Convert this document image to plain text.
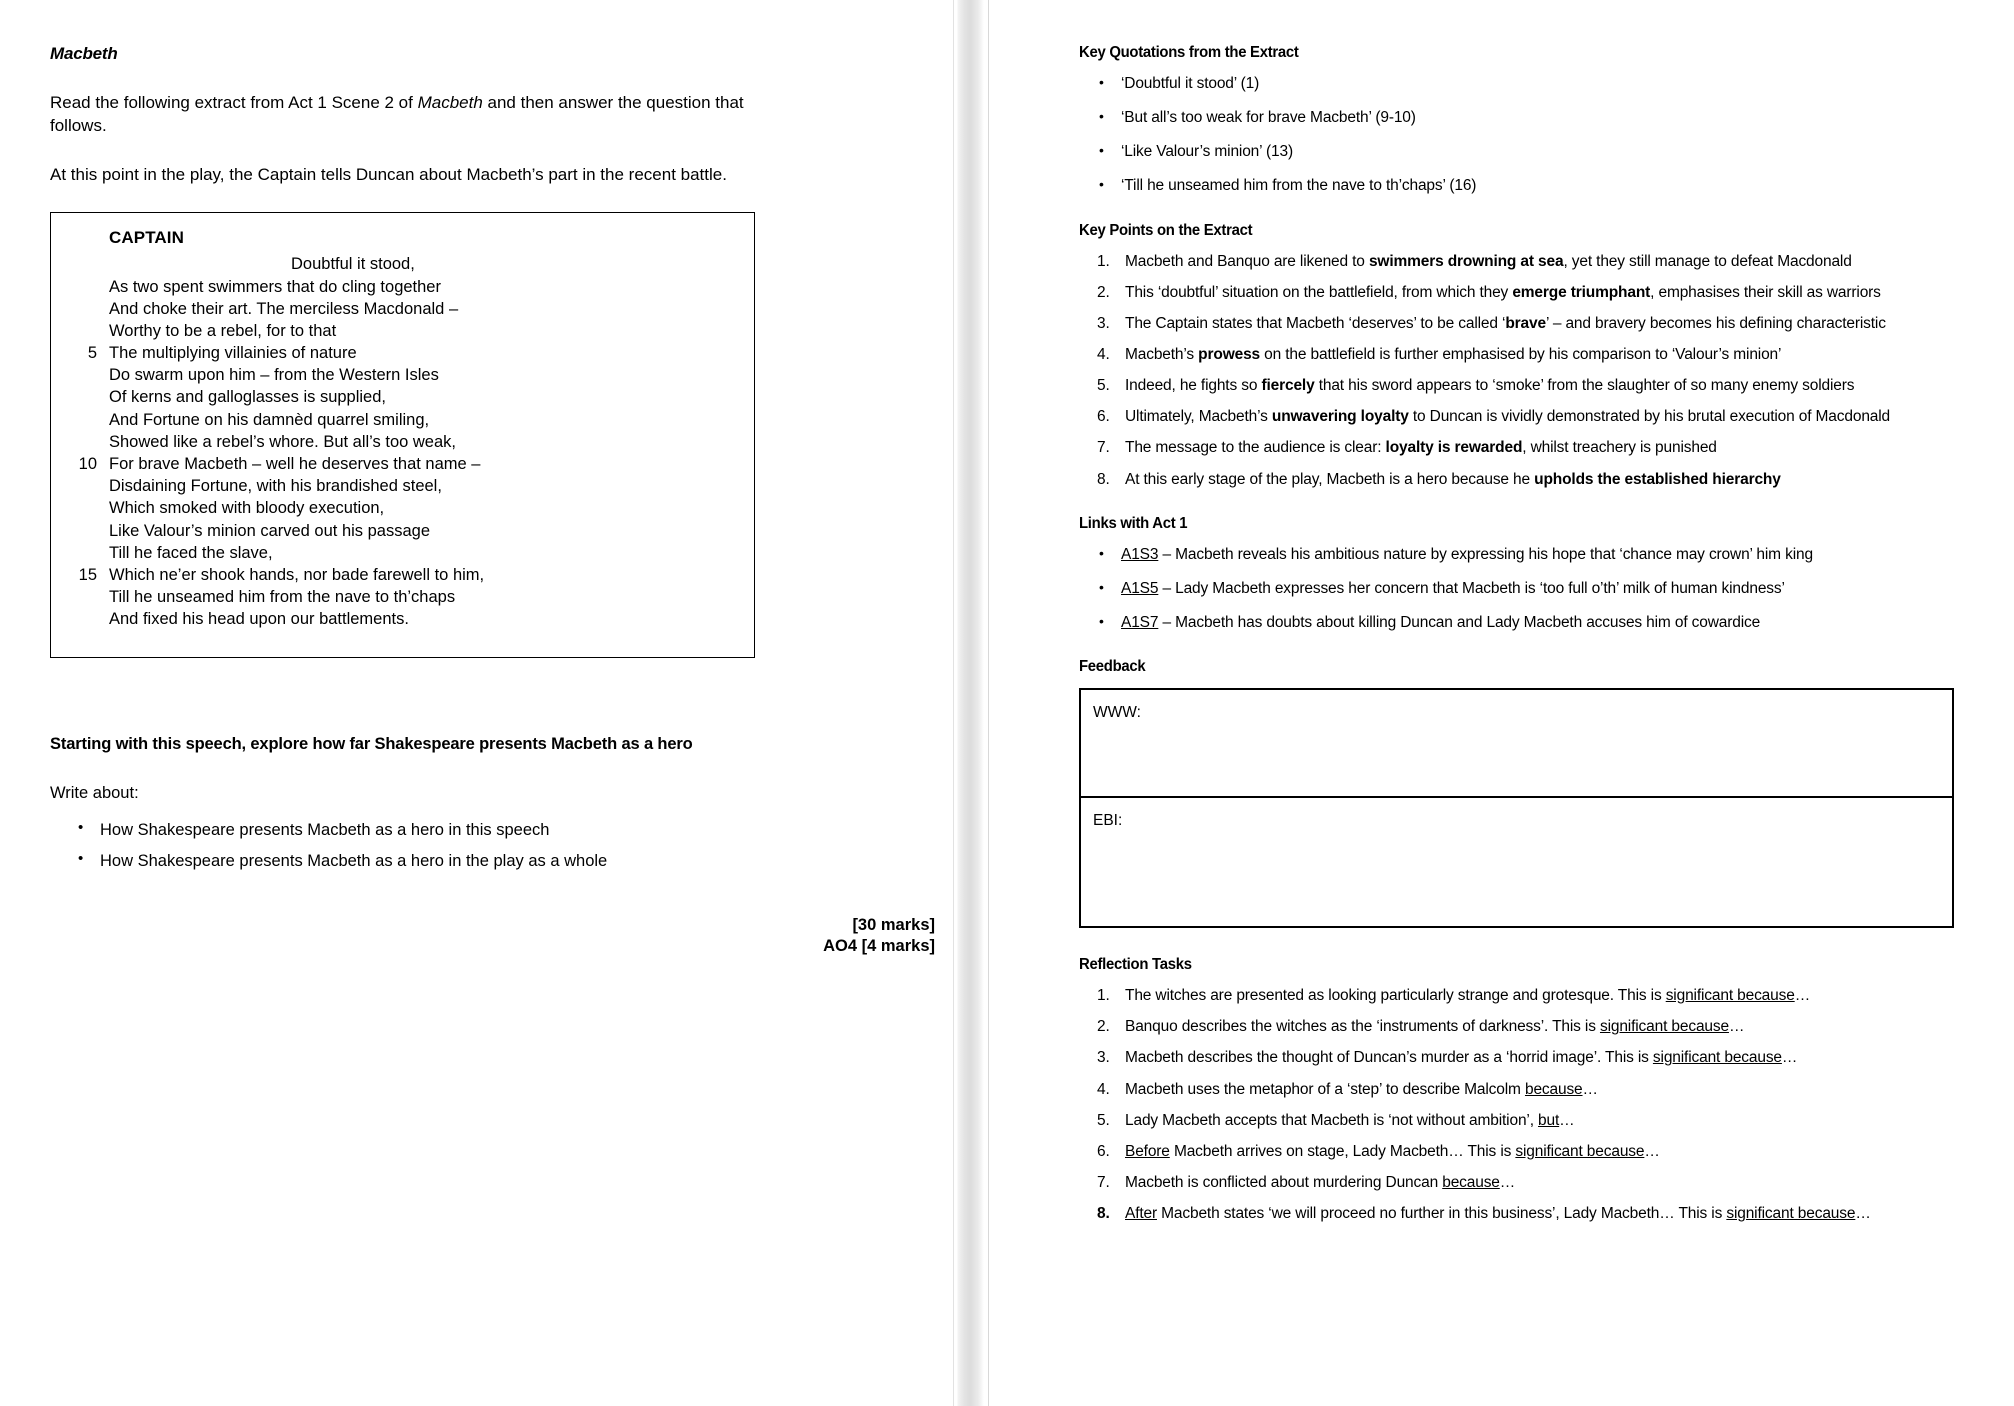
Macbeth

Read the following extract from Act 1 Scene 2 of Macbeth and then answer the question that follows.

At this point in the play, the Captain tells Duncan about Macbeth’s part in the recent battle.

CAPTAIN
Doubtful it stood,
As two spent swimmers that do cling together
And choke their art. The merciless Macdonald –
Worthy to be a rebel, for to that
5 The multiplying villainies of nature
Do swarm upon him – from the Western Isles
Of kerns and galloglasses is supplied,
And Fortune on his damnèd quarrel smiling,
Showed like a rebel’s whore. But all’s too weak,
10 For brave Macbeth – well he deserves that name –
Disdaining Fortune, with his brandished steel,
Which smoked with bloody execution,
Like Valour’s minion carved out his passage
Till he faced the slave,
15 Which ne’er shook hands, nor bade farewell to him,
Till he unseamed him from the nave to th’chaps
And fixed his head upon our battlements.
Starting with this speech, explore how far Shakespeare presents Macbeth as a hero
Write about:
• How Shakespeare presents Macbeth as a hero in this speech
• How Shakespeare presents Macbeth as a hero in the play as a whole
[30 marks]
AO4 [4 marks]
Key Quotations from the Extract
• ‘Doubtful it stood’ (1)
• ‘But all’s too weak for brave Macbeth’ (9-10)
• ‘Like Valour’s minion’ (13)
• ‘Till he unseamed him from the nave to th’chaps’ (16)
Key Points on the Extract
Macbeth and Banquo are likened to swimmers drowning at sea, yet they still manage to defeat Macdonald
This ‘doubtful’ situation on the battlefield, from which they emerge triumphant, emphasises their skill as warriors
The Captain states that Macbeth ‘deserves’ to be called ‘brave’ – and bravery becomes his defining characteristic
Macbeth’s prowess on the battlefield is further emphasised by his comparison to ‘Valour’s minion’
Indeed, he fights so fiercely that his sword appears to ‘smoke’ from the slaughter of so many enemy soldiers
Ultimately, Macbeth’s unwavering loyalty to Duncan is vividly demonstrated by his brutal execution of Macdonald
The message to the audience is clear: loyalty is rewarded, whilst treachery is punished
At this early stage of the play, Macbeth is a hero because he upholds the established hierarchy
Links with Act 1
• A1S3 – Macbeth reveals his ambitious nature by expressing his hope that ‘chance may crown’ him king
• A1S5 – Lady Macbeth expresses her concern that Macbeth is ‘too full o’th’ milk of human kindness’
• A1S7 – Macbeth has doubts about killing Duncan and Lady Macbeth accuses him of cowardice
Feedback
WWW:
EBI:
Reflection Tasks
The witches are presented as looking particularly strange and grotesque. This is significant because…
Banquo describes the witches as the ‘instruments of darkness’. This is significant because…
Macbeth describes the thought of Duncan’s murder as a ‘horrid image’. This is significant because…
Macbeth uses the metaphor of a ‘step’ to describe Malcolm because…
Lady Macbeth accepts that Macbeth is ‘not without ambition’, but…
Before Macbeth arrives on stage, Lady Macbeth… This is significant because…
Macbeth is conflicted about murdering Duncan because…
After Macbeth states ‘we will proceed no further in this business’, Lady Macbeth… This is significant because…
